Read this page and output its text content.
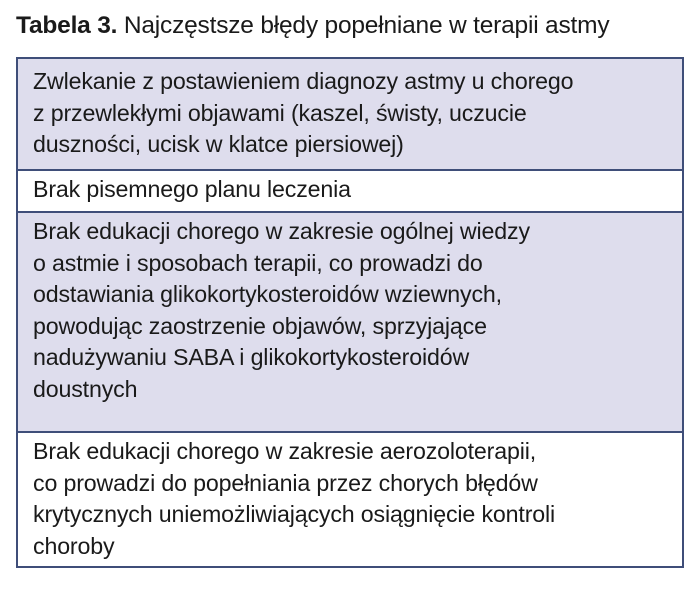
Tabela 3. Najczęstsze błędy popełniane w terapii astmy
Zwlekanie z postawieniem diagnozy astmy u chorego
z przewlekłymi objawami (kaszel, świsty, uczucie
duszności, ucisk w klatce piersiowej)
Brak pisemnego planu leczenia
Brak edukacji chorego w zakresie ogólnej wiedzy
o astmie i sposobach terapii, co prowadzi do
odstawiania glikokortykosteroidów wziewnych,
powodując zaostrzenie objawów, sprzyjające
nadużywaniu SABA i glikokortykosteroidów
doustnych
Brak edukacji chorego w zakresie aerozoloterapii,
co prowadzi do popełniania przez chorych błędów
krytycznych uniemożliwiających osiągnięcie kontroli
choroby
